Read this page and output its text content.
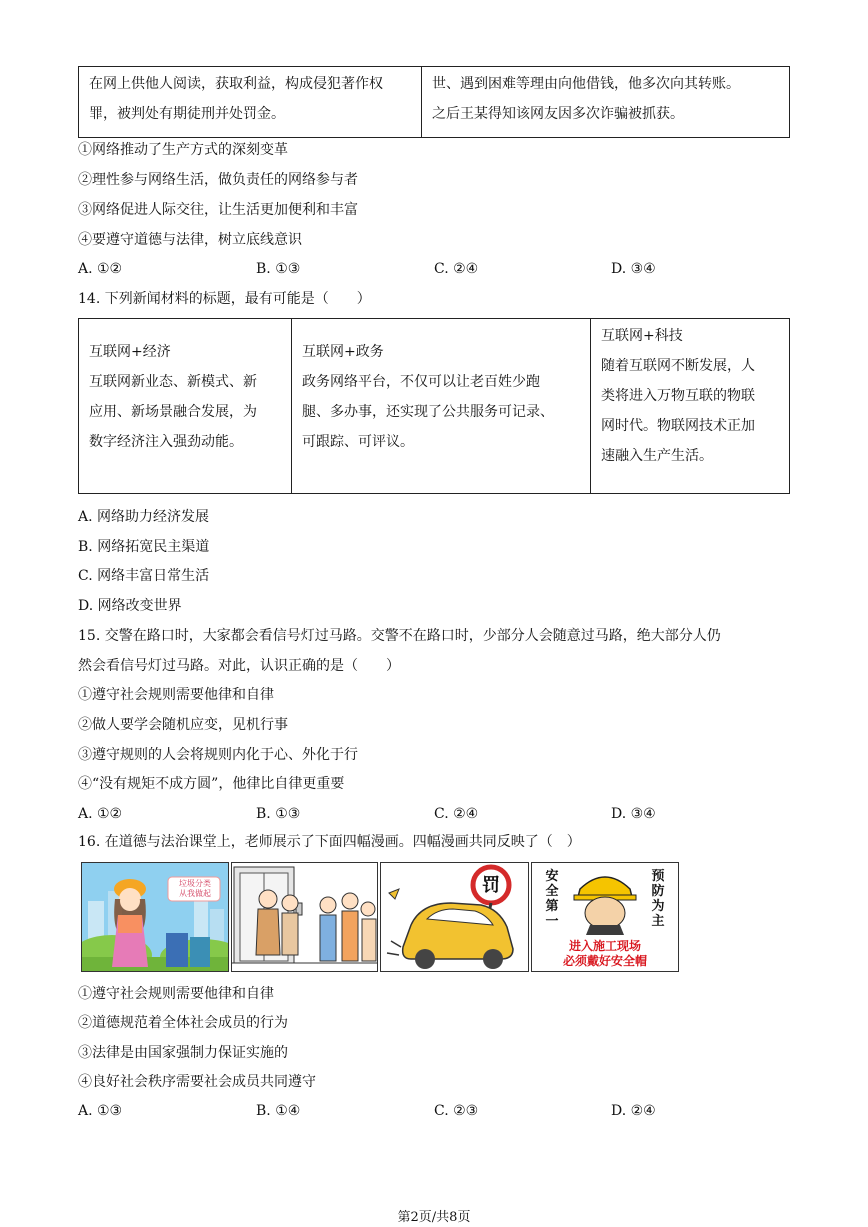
在网上供他人阅读，获取利益，构成侵犯著作权
罪，被判处有期徒刑并处罚金。

世、遇到困难等理由向他借钱，他多次向其转账。
之后王某得知该网友因多次诈骗被抓获。
①网络推动了生产方式的深刻变革
②理性参与网络生活，做负责任的网络参与者
③网络促进人际交往，让生活更加便利和丰富
④要遵守道德与法律，树立底线意识
A. ①②	B. ①③	C. ②④	D. ③④
14. 下列新闻材料的标题，最有可能是（　　）
互联网+经济
互联网新业态、新模式、新
应用、新场景融合发展，为
数字经济注入强劲动能。

互联网+政务
政务网络平台，不仅可以让老百姓少跑
腿、多办事，还实现了公共服务可记录、
可跟踪、可评议。

互联网+科技
随着互联网不断发展，人
类将进入万物互联的物联
网时代。物联网技术正加
速融入生产生活。
A. 网络助力经济发展
B. 网络拓宽民主渠道
C. 网络丰富日常生活
D. 网络改变世界
15. 交警在路口时，大家都会看信号灯过马路。交警不在路口时，少部分人会随意过马路，绝大部分人仍
然会看信号灯过马路。对此，认识正确的是（　　）
①遵守社会规则需要他律和自律
②做人要学会随机应变，见机行事
③遵守规则的人会将规则内化于心、外化于行
④“没有规矩不成方圆”，他律比自律更重要
A. ①②	B. ①③	C. ②④	D. ③④
16. 在道德与法治课堂上，老师展示了下面四幅漫画。四幅漫画共同反映了（　）
垃圾分类
从我做起	罚	安全第一
预防为主
进入施工现场
必须戴好安全帽
①遵守社会规则需要他律和自律
②道德规范着全体社会成员的行为
③法律是由国家强制力保证实施的
④良好社会秩序需要社会成员共同遵守
A. ①③	B. ①④	C. ②③	D. ②④
第2页/共8页
